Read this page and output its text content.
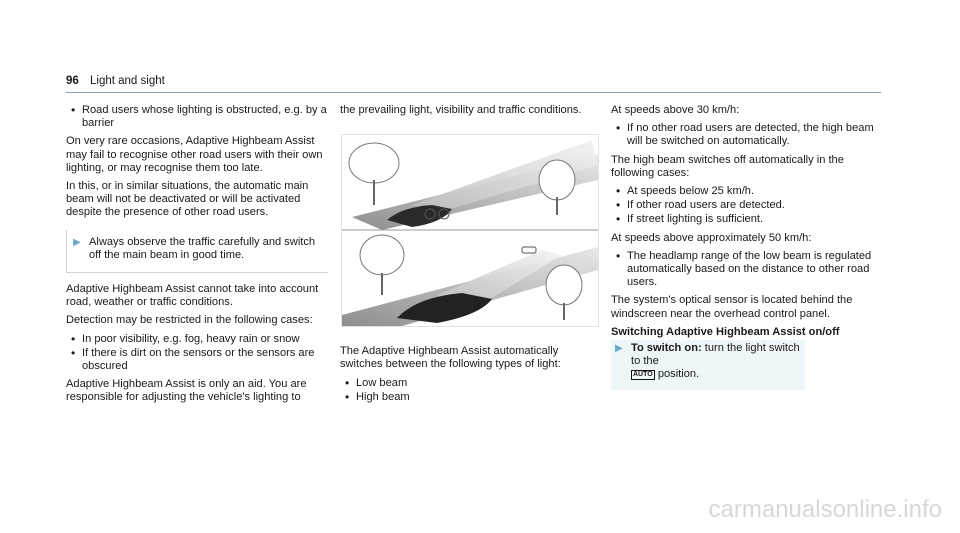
96 Light and sight
• Road users whose lighting is obstructed, e.g. by a barrier

On very rare occasions, Adaptive Highbeam Assist may fail to recognise other road users with their own lighting, or may recognise them too late.

In this, or in similar situations, the automatic main beam will not be deactivated or will be activated despite the presence of other road users.

▶ Always observe the traffic carefully and switch off the main beam in good time.

Adaptive Highbeam Assist cannot take into account road, weather or traffic conditions.

Detection may be restricted in the following cases:

• In poor visibility, e.g. fog, heavy rain or snow
• If there is dirt on the sensors or the sensors are obscured

Adaptive Highbeam Assist is only an aid. You are responsible for adjusting the vehicle's lighting to

the prevailing light, visibility and traffic conditions.

The Adaptive Highbeam Assist automatically switches between the following types of light:

• Low beam
• High beam

At speeds above 30 km/h:

• If no other road users are detected, the high beam will be switched on automatically.

The high beam switches off automatically in the following cases:

• At speeds below 25 km/h.
• If other road users are detected.
• If street lighting is sufficient.

At speeds above approximately 50 km/h:

• The headlamp range of the low beam is regulated automatically based on the distance to other road users.

The system's optical sensor is located behind the windscreen near the overhead control panel.

Switching Adaptive Highbeam Assist on/off

▶ To switch on: turn the light switch to the
AUTO position.
carmanualsonline.info
